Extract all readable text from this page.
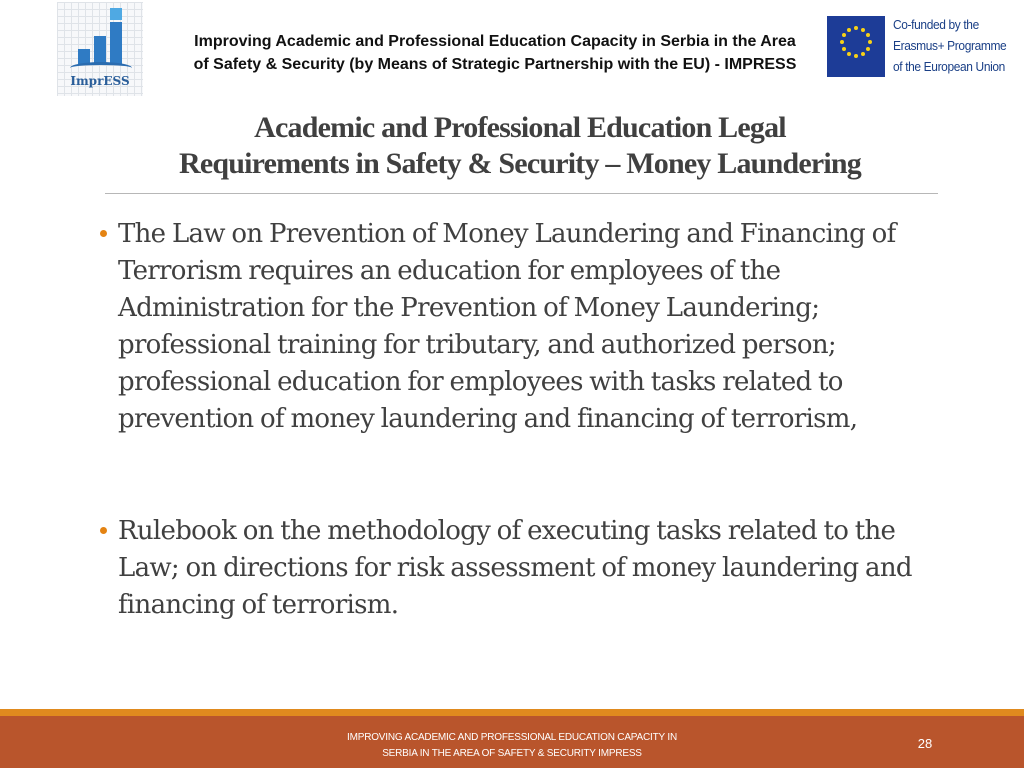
ImprESS
Improving Academic and Professional Education Capacity in Serbia in the Area of Safety & Security (by Means of Strategic Partnership with the EU) - IMPRESS
Co-funded by the
Erasmus+ Programme
of the European Union
Academic and Professional Education Legal
Requirements in Safety & Security – Money Laundering
The Law on Prevention of Money Laundering and Financing of Terrorism requires an education for employees of the Administration for the Prevention of Money Laundering; professional training for tributary, and authorized person; professional education for employees with tasks related to prevention of money laundering and financing of terrorism,
Rulebook on the methodology of executing tasks related to the Law; on directions for risk assessment of money laundering and financing of terrorism.
IMPROVING ACADEMIC AND PROFESSIONAL EDUCATION CAPACITY IN
SERBIA IN THE AREA OF SAFETY & SECURITY IMPRESS
28
